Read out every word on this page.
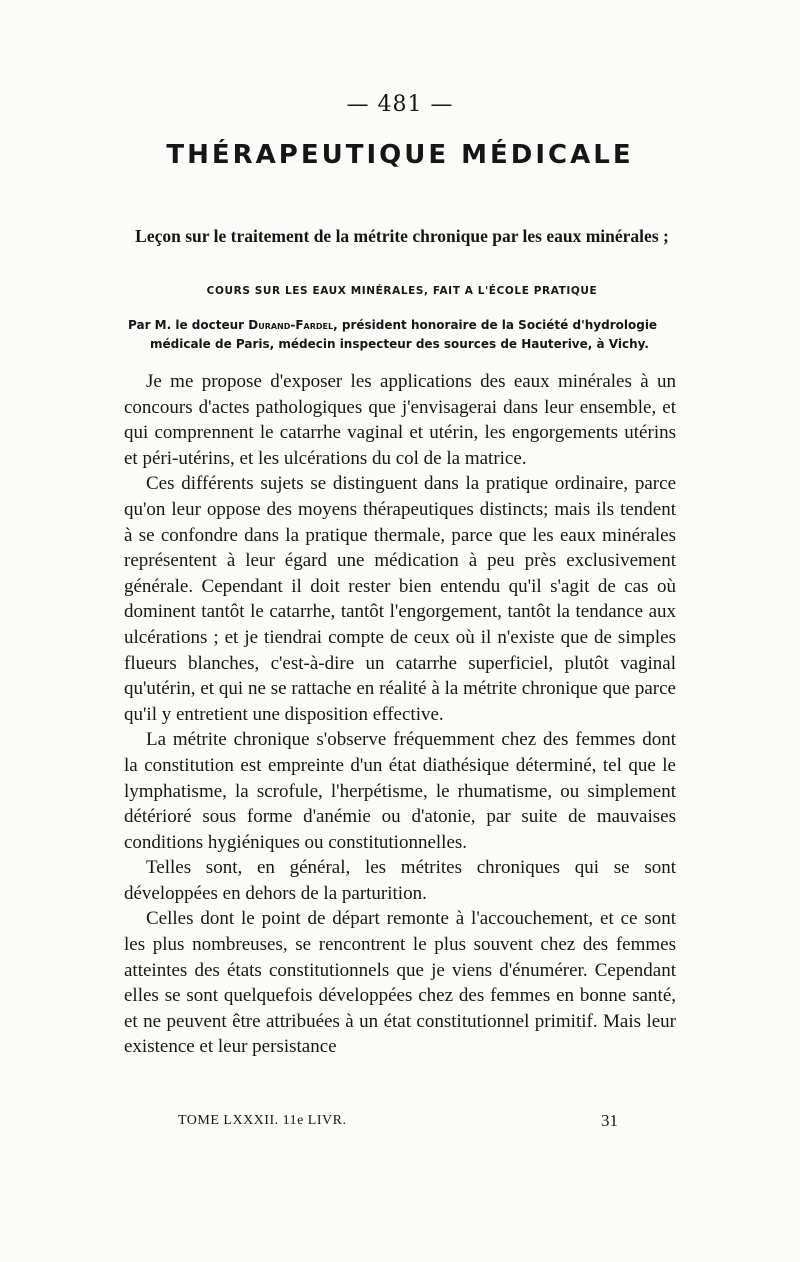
— 481 —
THÉRAPEUTIQUE MÉDICALE
Leçon sur le traitement de la métrite chronique par les eaux minérales ;
COURS SUR LES EAUX MINÉRALES, FAIT A L'ÉCOLE PRATIQUE
Par M. le docteur Durand-Fardel, président honoraire de la Société d'hydrologie
médicale de Paris, médecin inspecteur des sources de Hauterive, à Vichy.

Je me propose d'exposer les applications des eaux minérales à un concours d'actes pathologiques que j'envisagerai dans leur ensemble, et qui comprennent le catarrhe vaginal et utérin, les engorgements utérins et péri-utérins, et les ulcérations du col de la matrice.

Ces différents sujets se distinguent dans la pratique ordinaire, parce qu'on leur oppose des moyens thérapeutiques distincts; mais ils tendent à se confondre dans la pratique thermale, parce que les eaux minérales représentent à leur égard une médication à peu près exclusivement générale. Cependant il doit rester bien entendu qu'il s'agit de cas où dominent tantôt le catarrhe, tantôt l'engorgement, tantôt la tendance aux ulcérations ; et je tiendrai compte de ceux où il n'existe que de simples flueurs blanches, c'est-à-dire un catarrhe superficiel, plutôt vaginal qu'utérin, et qui ne se rattache en réalité à la métrite chronique que parce qu'il y entretient une disposition effective.

La métrite chronique s'observe fréquemment chez des femmes dont la constitution est empreinte d'un état diathésique déterminé, tel que le lymphatisme, la scrofule, l'herpétisme, le rhumatisme, ou simplement détérioré sous forme d'anémie ou d'atonie, par suite de mauvaises conditions hygiéniques ou constitutionnelles.

Telles sont, en général, les métrites chroniques qui se sont développées en dehors de la parturition.

Celles dont le point de départ remonte à l'accouchement, et ce sont les plus nombreuses, se rencontrent le plus souvent chez des femmes atteintes des états constitutionnels que je viens d'énumérer. Cependant elles se sont quelquefois développées chez des femmes en bonne santé, et ne peuvent être attribuées à un état constitutionnel primitif. Mais leur existence et leur persistance

TOME LXXXII. 11e LIVR.	31
